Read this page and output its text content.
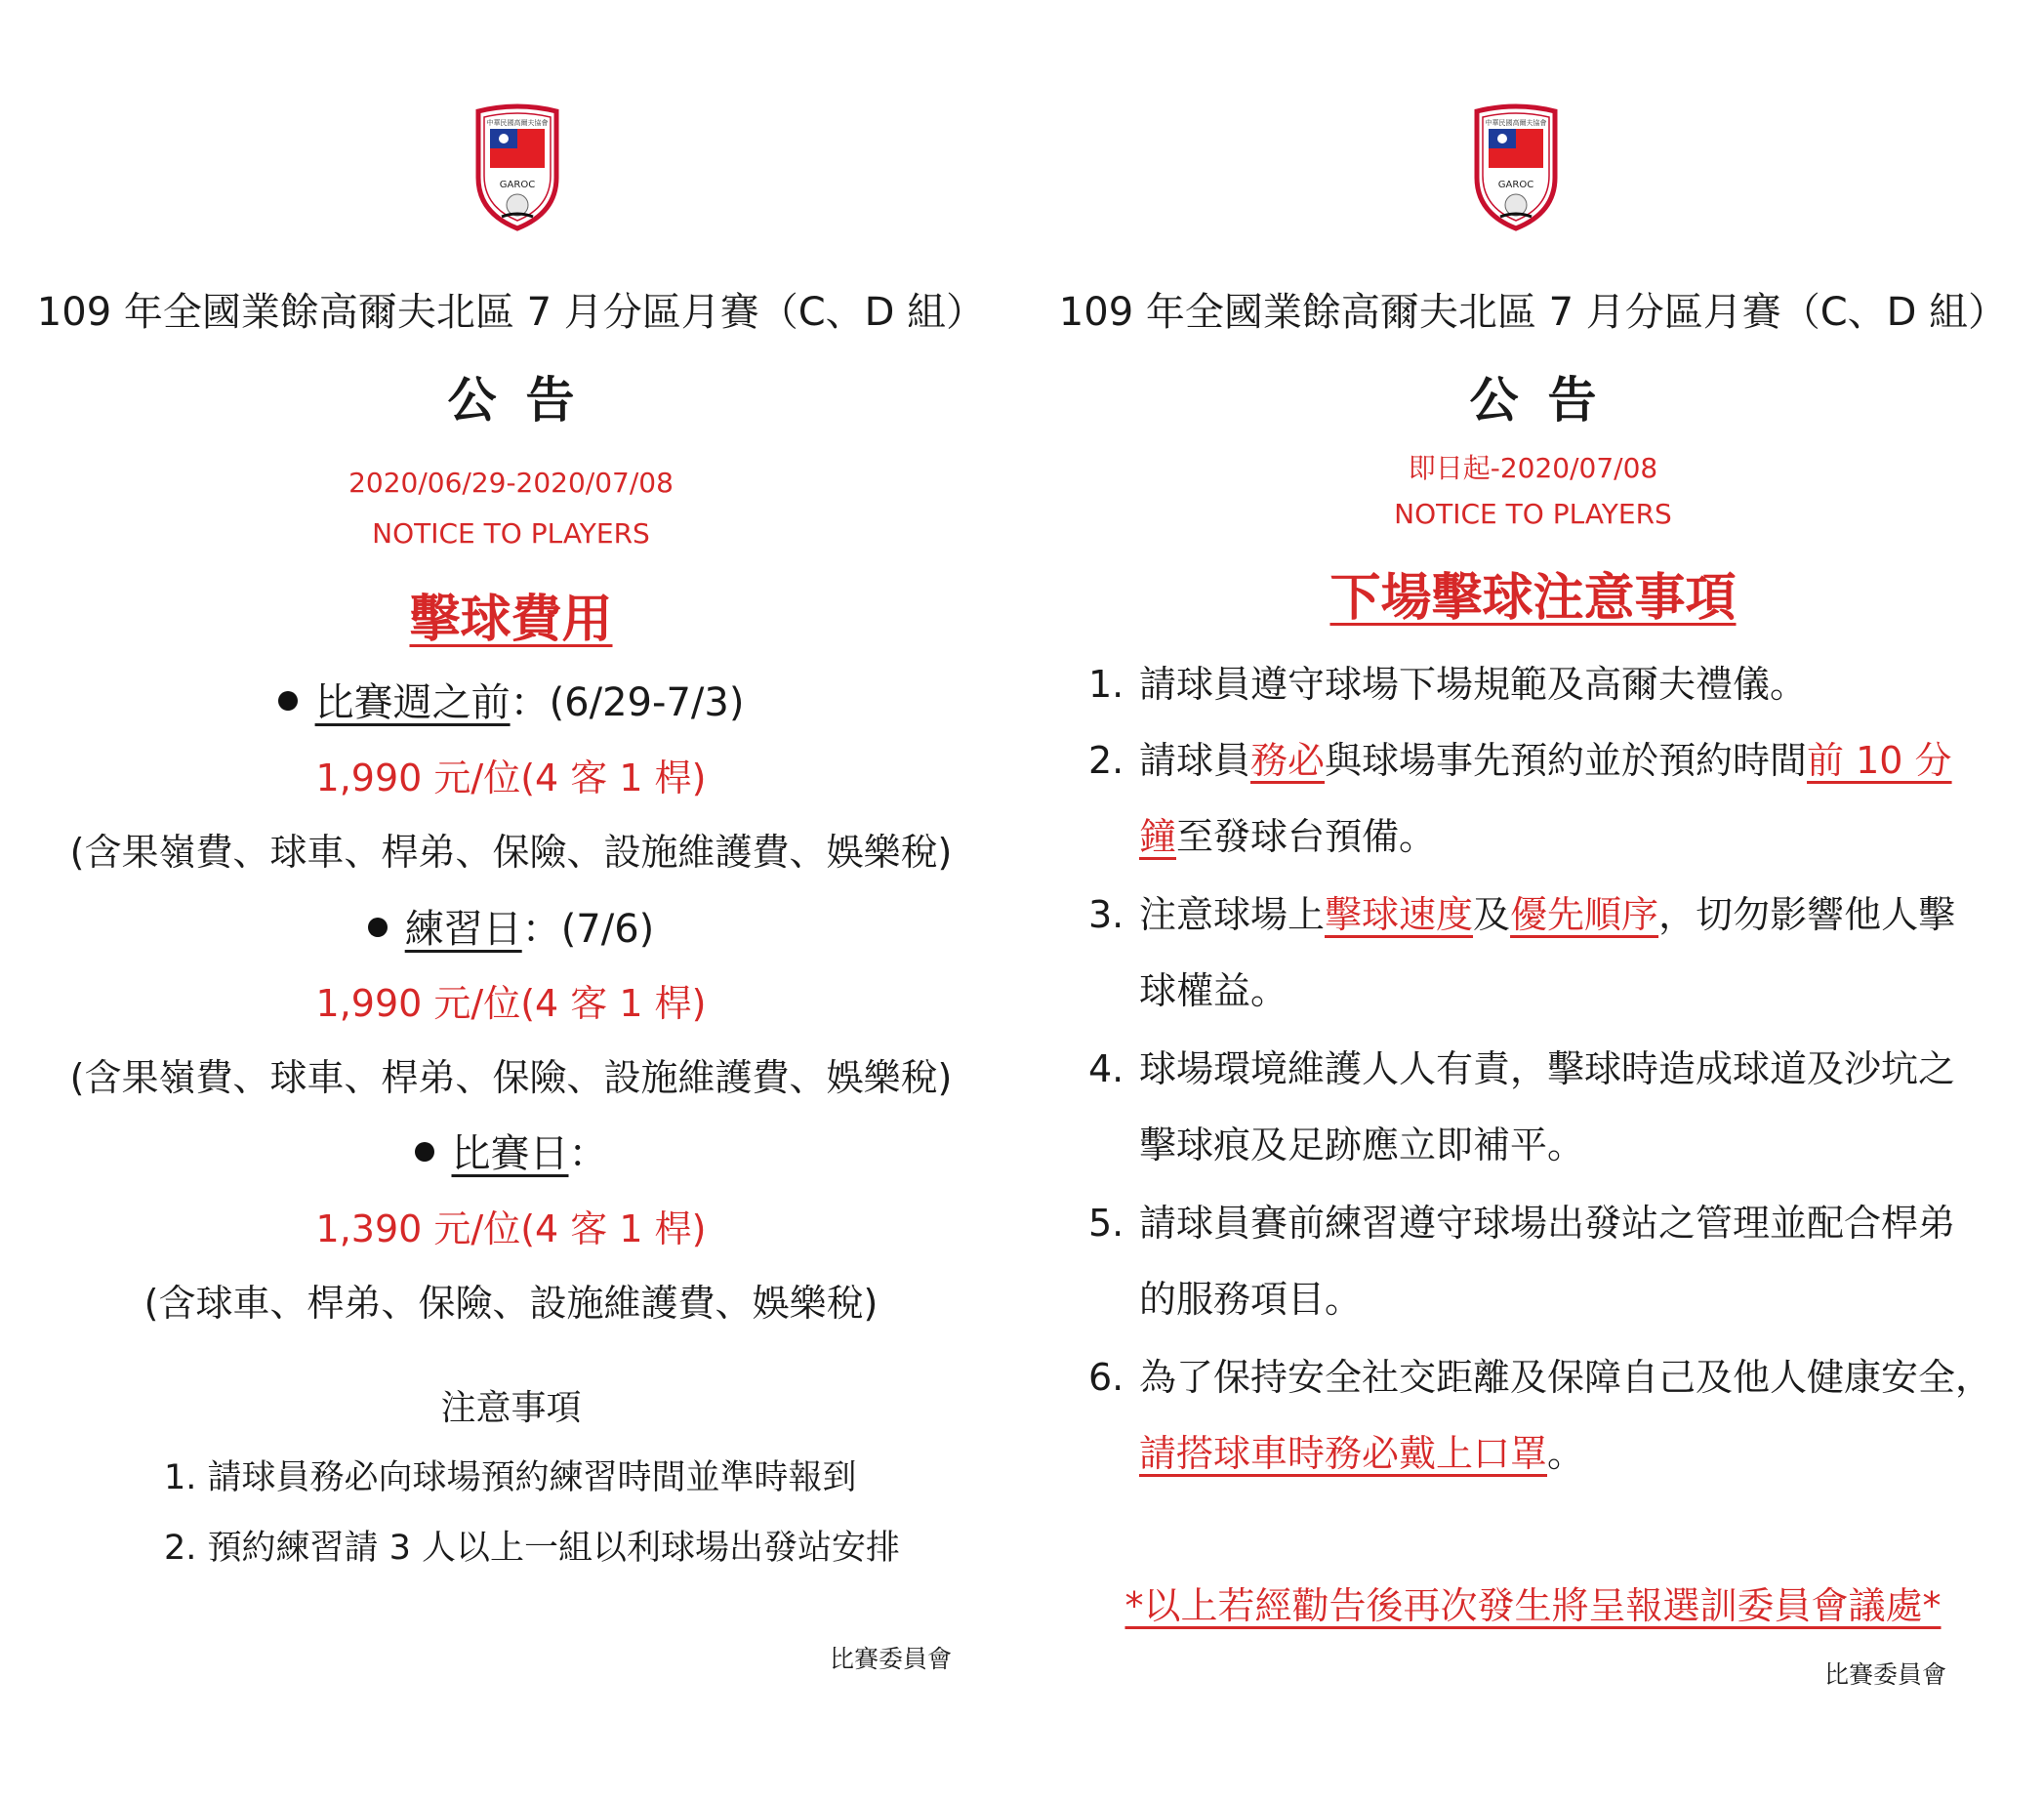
中華民國高爾夫協會
GAROC
109 年全國業餘高爾夫北區 7 月分區月賽（C、D 組）
公告
2020/06/29-2020/07/08
NOTICE TO PLAYERS
擊球費用
比賽週之前：(6/29-7/3)
1,990 元/位(4 客 1 桿)
(含果嶺費、球車、桿弟、保險、設施維護費、娛樂稅)
練習日：(7/6)
1,990 元/位(4 客 1 桿)
(含果嶺費、球車、桿弟、保險、設施維護費、娛樂稅)
比賽日：
1,390 元/位(4 客 1 桿)
(含球車、桿弟、保險、設施維護費、娛樂稅)
注意事項
1. 請球員務必向球場預約練習時間並準時報到
2. 預約練習請 3 人以上一組以利球場出發站安排
比賽委員會
中華民國高爾夫協會
GAROC
109 年全國業餘高爾夫北區 7 月分區月賽（C、D 組）
公告
即日起-2020/07/08
NOTICE TO PLAYERS
下場擊球注意事項
1. 請球員遵守球場下場規範及高爾夫禮儀。
2. 請球員務必與球場事先預約並於預約時間前 10 分
鐘至發球台預備。
3. 注意球場上擊球速度及優先順序，切勿影響他人擊
球權益。
4. 球場環境維護人人有責，擊球時造成球道及沙坑之
擊球痕及足跡應立即補平。
5. 請球員賽前練習遵守球場出發站之管理並配合桿弟
的服務項目。
6. 為了保持安全社交距離及保障自己及他人健康安全，
請搭球車時務必戴上口罩。
*以上若經勸告後再次發生將呈報選訓委員會議處*
比賽委員會
